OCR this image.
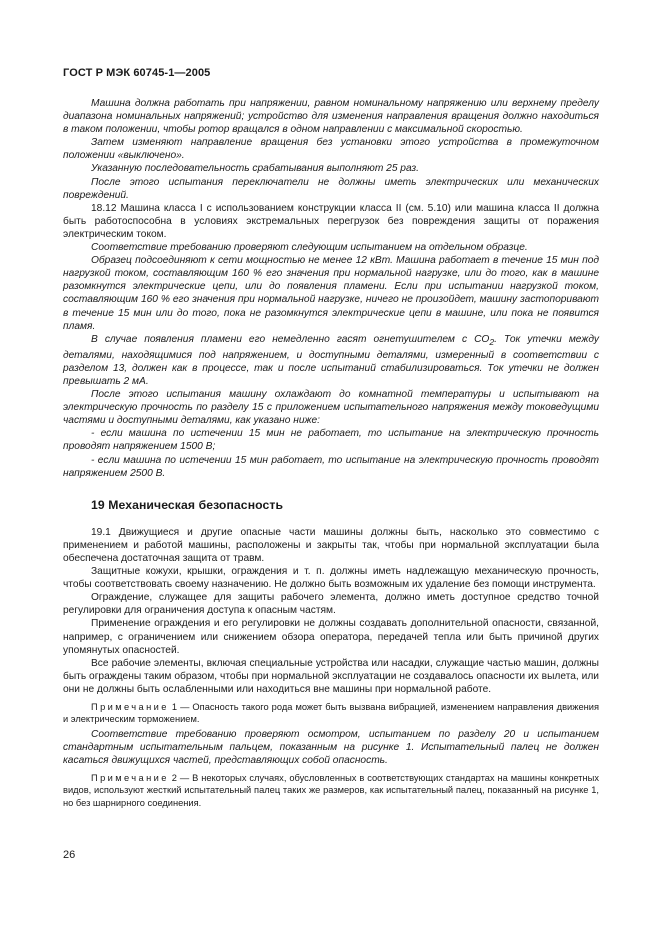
ГОСТ Р МЭК 60745-1—2005

Машина должна работать при напряжении, равном номинальному напряжению или верхнему пределу диапазона номинальных напряжений; устройство для изменения направления вращения должно находиться в таком положении, чтобы ротор вращался в одном направлении с максимальной скоростью.

Затем изменяют направление вращения без установки этого устройства в промежуточном положении «выключено».

Указанную последовательность срабатывания выполняют 25 раз.

После этого испытания переключатели не должны иметь электрических или механических повреждений.

18.12 Машина класса I с использованием конструкции класса II (см. 5.10) или машина класса II должна быть работоспособна в условиях экстремальных перегрузок без повреждения защиты от поражения электрическим током.

Соответствие требованию проверяют следующим испытанием на отдельном образце.

Образец подсоединяют к сети мощностью не менее 12 кВт. Машина работает в течение 15 мин под нагрузкой током, составляющим 160 % его значения при нормальной нагрузке, или до того, как в машине разомкнутся электрические цепи, или до появления пламени. Если при испытании нагрузкой током, составляющим 160 % его значения при нормальной нагрузке, ничего не произойдет, машину застопоривают в течение 15 мин или до того, пока не разомкнутся электрические цепи в машине, или пока не появится пламя.

В случае появления пламени его немедленно гасят огнетушителем с $CO_2$. Ток утечки между деталями, находящимися под напряжением, и доступными деталями, измеренный в соответствии с разделом 13, должен как в процессе, так и после испытаний стабилизироваться. Ток утечки не должен превышать 2 мА.

После этого испытания машину охлаждают до комнатной температуры и испытывают на электрическую прочность по разделу 15 с приложением испытательного напряжения между токоведущими частями и доступными деталями, как указано ниже:

- если машина по истечении 15 мин не работает, то испытание на электрическую прочность проводят напряжением 1500 В;

- если машина по истечении 15 мин работает, то испытание на электрическую прочность проводят напряжением 2500 В.

19 Механическая безопасность

19.1 Движущиеся и другие опасные части машины должны быть, насколько это совместимо с применением и работой машины, расположены и закрыты так, чтобы при нормальной эксплуатации была обеспечена достаточная защита от травм.

Защитные кожухи, крышки, ограждения и т. п. должны иметь надлежащую механическую прочность, чтобы соответствовать своему назначению. Не должно быть возможным их удаление без помощи инструмента.

Ограждение, служащее для защиты рабочего элемента, должно иметь доступное средство точной регулировки для ограничения доступа к опасным частям.

Применение ограждения и его регулировки не должны создавать дополнительной опасности, связанной, например, с ограничением или снижением обзора оператора, передачей тепла или быть причиной других упомянутых опасностей.

Все рабочие элементы, включая специальные устройства или насадки, служащие частью машин, должны быть ограждены таким образом, чтобы при нормальной эксплуатации не создавалось опасности их вылета, или они не должны быть ослабленными или находиться вне машины при нормальной работе.

Примечание 1 — Опасность такого рода может быть вызвана вибрацией, изменением направления движения и электрическим торможением.

Соответствие требованию проверяют осмотром, испытанием по разделу 20 и испытанием стандартным испытательным пальцем, показанным на рисунке 1. Испытательный палец не должен касаться движущихся частей, представляющих собой опасность.

Примечание 2 — В некоторых случаях, обусловленных в соответствующих стандартах на машины конкретных видов, используют жесткий испытательный палец таких же размеров, как испытательный палец, показанный на рисунке 1, но без шарнирного соединения.

26
